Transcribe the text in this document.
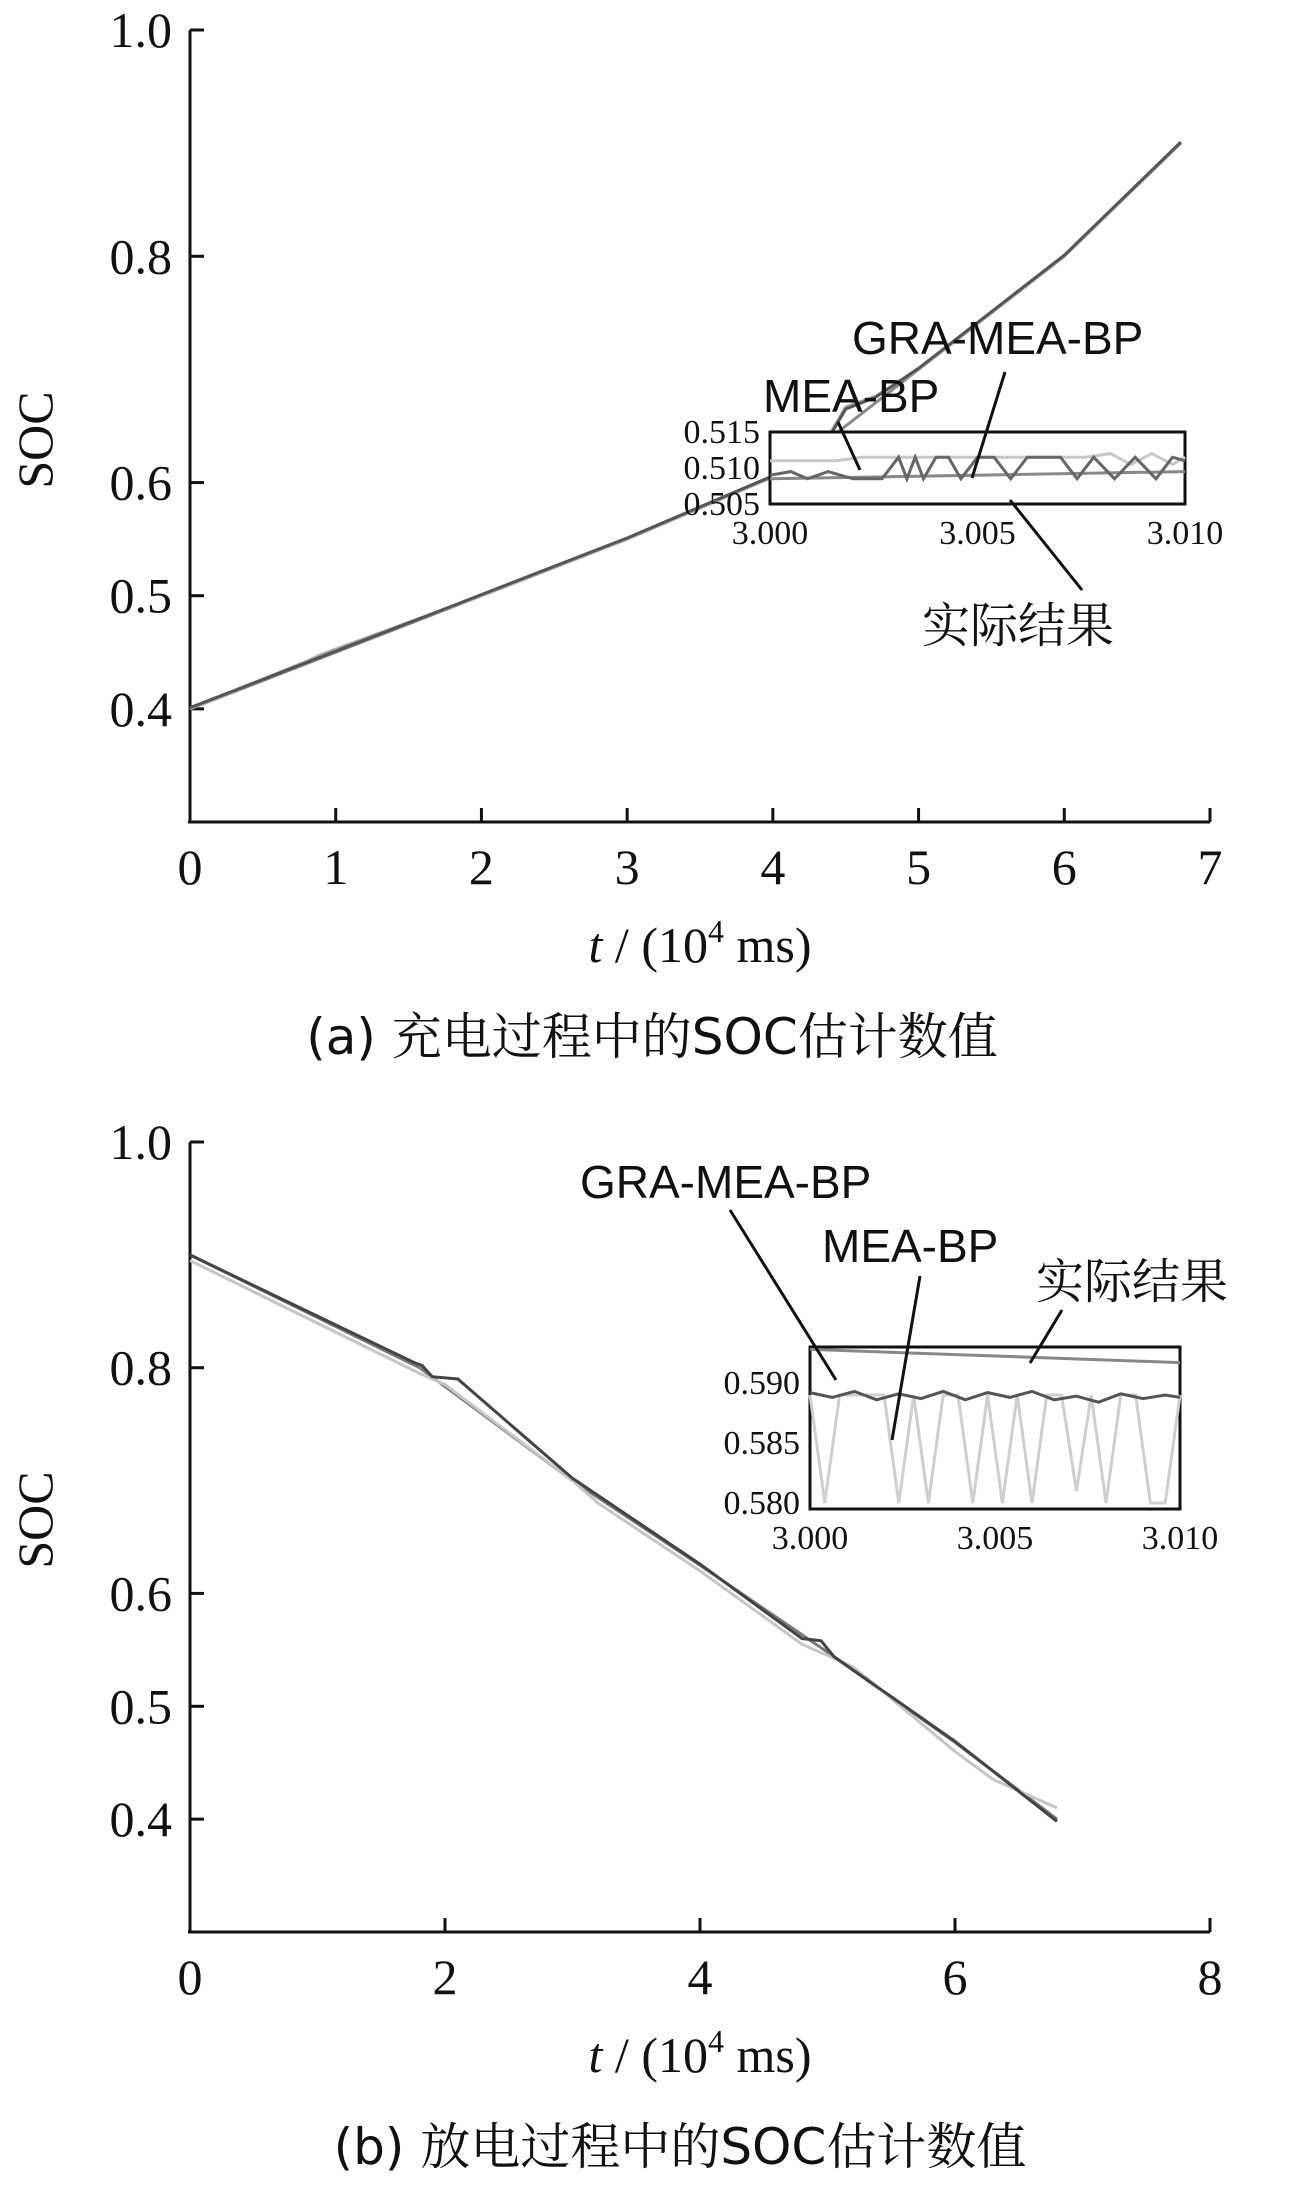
0.4
0.5
0.6
0.8
1.0
0 1 2 3 4 5 6 7
SOC
t / ($10^4$ ms)
(a) 充电过程中的SOC估计数值
0.515
0.510
0.505
3.000	3.005	3.010
GRA-MEA-BP
MEA-BP
实际结果
0.4
0.5
0.6
0.8
1.0
0	2	4	6	8
SOC
t / ($10^4$ ms)
(b) 放电过程中的SOC估计数值
0.590
0.585
0.580
3.000	3.005	3.010
GRA-MEA-BP
MEA-BP
实际结果
